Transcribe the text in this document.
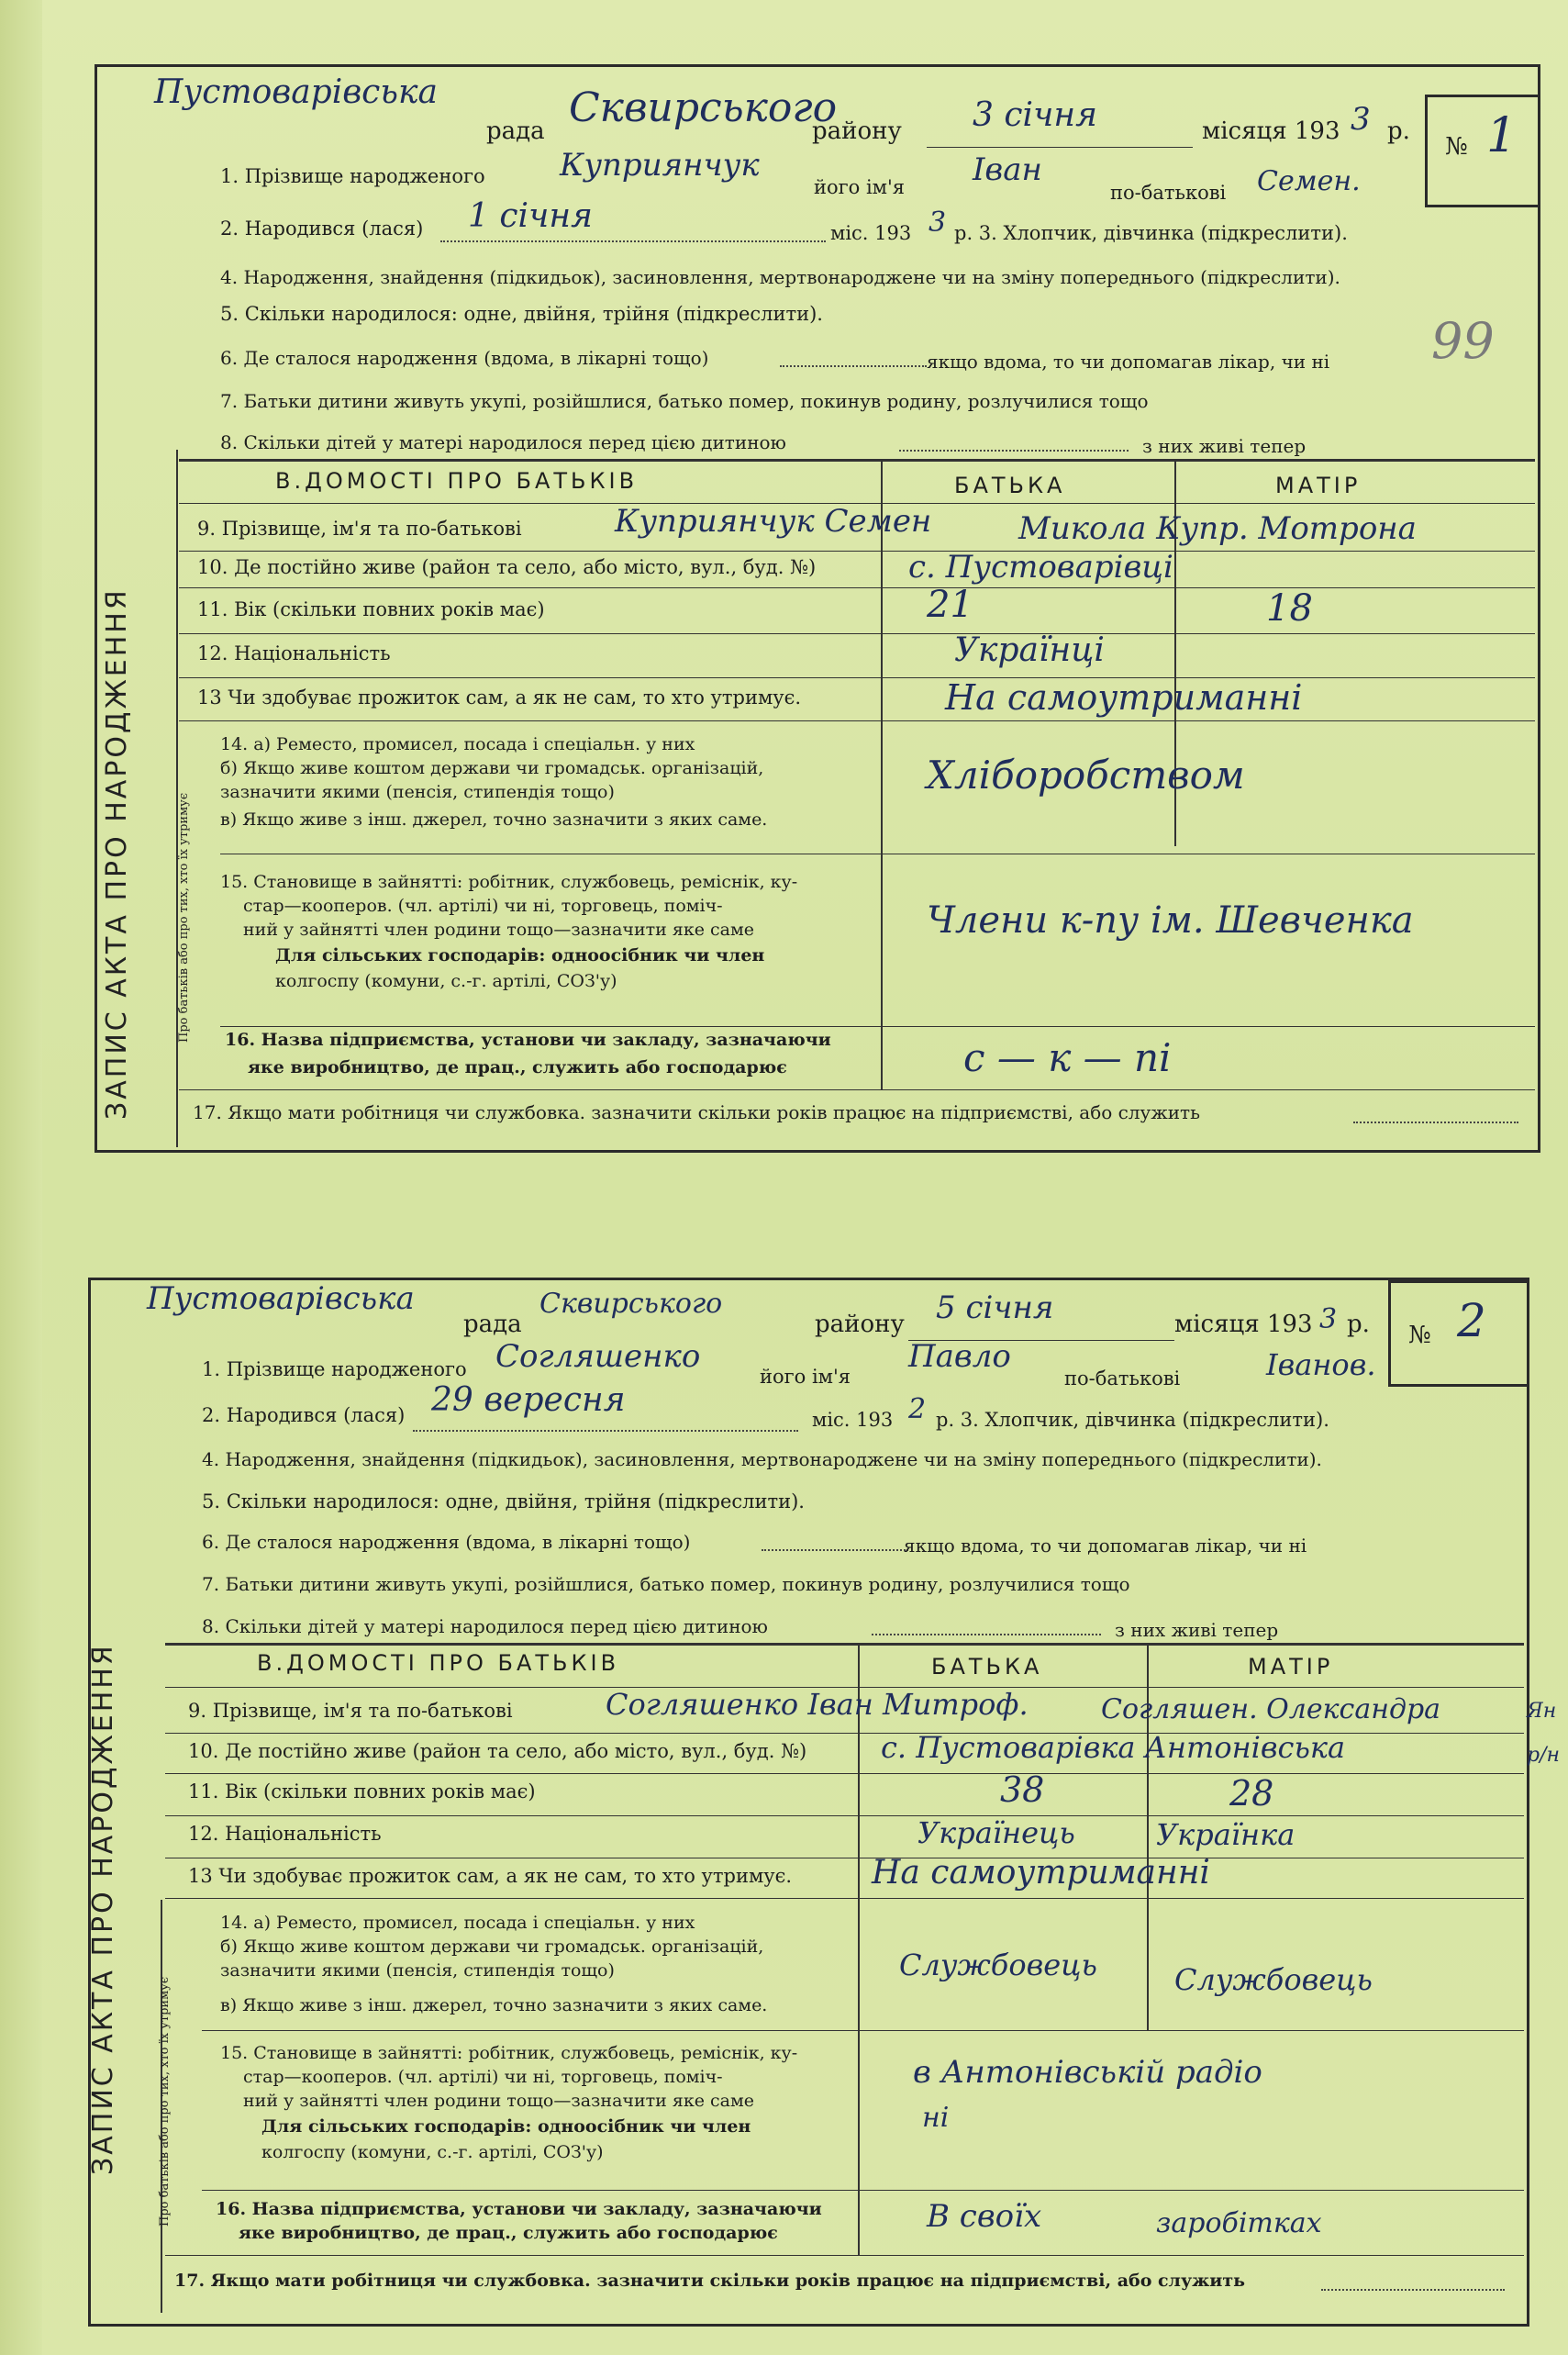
№ 1
ЗАПИС АКТА ПРО НАРОДЖЕННЯ	Про батьків або про тих, хто їх утримує
Пустоварівська
рада Сквирського
району 3 січня	місяця 193 3 р.
1. Прізвище народженого Куприянчук
його ім'я Іван
по-батькові Семен.
2. Народився (лася) 1 січня	міс. 193 3 р. 3. Хлопчик, дівчинка (підкреслити).
4. Народження, знайдення (підкидьок), засиновлення, мертвонароджене чи на зміну попереднього (підкреслити).
5. Скільки народилося: одне, двійня, трійня (підкреслити).
6. Де сталося народження (вдома, в лікарні тощо)	якщо вдома, то чи допомагав лікар, чи ні 99
7. Батьки дитини живуть укупі, розійшлися, батько помер, покинув родину, розлучилися тощо
8. Скільки дітей у матері народилося перед цією дитиною	з них живі тепер
В.ДОМОСТІ ПРО БАТЬКІВ	БАТЬКА	МАТІР
9. Прізвище, ім'я та по-батькові	Куприянчук Семен	Микола Купр. Мотрона
10. Де постійно живе (район та село, або місто, вул., буд. №)	с. Пустоварівці
11. Вік (скільки повних років має)	21	18
12. Національність	Українці
13 Чи здобуває прожиток сам, а як не сам, то хто утримує.	На самоутриманні
14. а) Реместо, промисел, посада і спеціальн. у них
б) Якщо живе коштом держави чи громадськ. організацій,
зазначити якими (пенсія, стипендія тощо)
в) Якщо живе з інш. джерел, точно зазначити з яких саме.
Хліборобством
15. Становище в зайнятті: робітник, службовець, реміснік, ку-
стар—кооперов. (чл. артілі) чи ні, торговець, поміч-
ний у зайнятті член родини тощо—зазначити яке саме
Для сільських господарів: одноосібник чи член
колгоспу (комуни, с.-г. артілі, СОЗ'у)
Члени к-пу ім. Шевченка
16. Назва підприємства, установи чи закладу, зазначаючи
яке виробництво, де прац., служить або господарює	с — к — пі
17. Якщо мати робітниця чи службовка. зазначити скільки років працює на підприємстві, або служить
№ 2
ЗАПИС АКТА ПРО НАРОДЖЕННЯ	Про батьків або про тих, хто їх утримує
Пустоварівська
рада
Сквирського
району 5 січня	місяця 193 3 р.
1. Прізвище народженого Согляшенко
його ім'я
Павло
по-батькові	Іванов.
2. Народився (лася) 29 вересня
міс. 193 2 р. 3. Хлопчик, дівчинка (підкреслити).
4. Народження, знайдення (підкидьок), засиновлення, мертвонароджене чи на зміну попереднього (підкреслити).
5. Скільки народилося: одне, двійня, трійня (підкреслити).
6. Де сталося народження (вдома, в лікарні тощо)	якщо вдома, то чи допомагав лікар, чи ні
7. Батьки дитини живуть укупі, розійшлися, батько помер, покинув родину, розлучилися тощо
8. Скільки дітей у матері народилося перед цією дитиною	з них живі тепер
В.ДОМОСТІ ПРО БАТЬКІВ	БАТЬКА	МАТІР
9. Прізвище, ім'я та по-батькові	Согляшенко Іван Митроф.	Согляшен. Олександра	Ян
10. Де постійно живе (район та село, або місто, вул., буд. №)	с. Пустоварівка Антонівська	р/н
11. Вік (скільки повних років має)	38	28
12. Національність	Українець	Українка
13 Чи здобуває прожиток сам, а як не сам, то хто утримує. На самоутриманні
14. а) Реместо, промисел, посада і спеціальн. у них
б) Якщо живе коштом держави чи громадськ. організацій,
зазначити якими (пенсія, стипендія тощо)
в) Якщо живе з інш. джерел, точно зазначити з яких саме.
Службовець	Службовець
15. Становище в зайнятті: робітник, службовець, реміснік, ку-
стар—кооперов. (чл. артілі) чи ні, торговець, поміч-
ний у зайнятті член родини тощо—зазначити яке саме
Для сільських господарів: одноосібник чи член
колгоспу (комуни, с.-г. артілі, СОЗ'у)
в Антонівській радіо
ні
16. Назва підприємства, установи чи закладу, зазначаючи
яке виробництво, де прац., служить або господарює	В своїх	заробітках
17. Якщо мати робітниця чи службовка. зазначити скільки років працює на підприємстві, або служить
